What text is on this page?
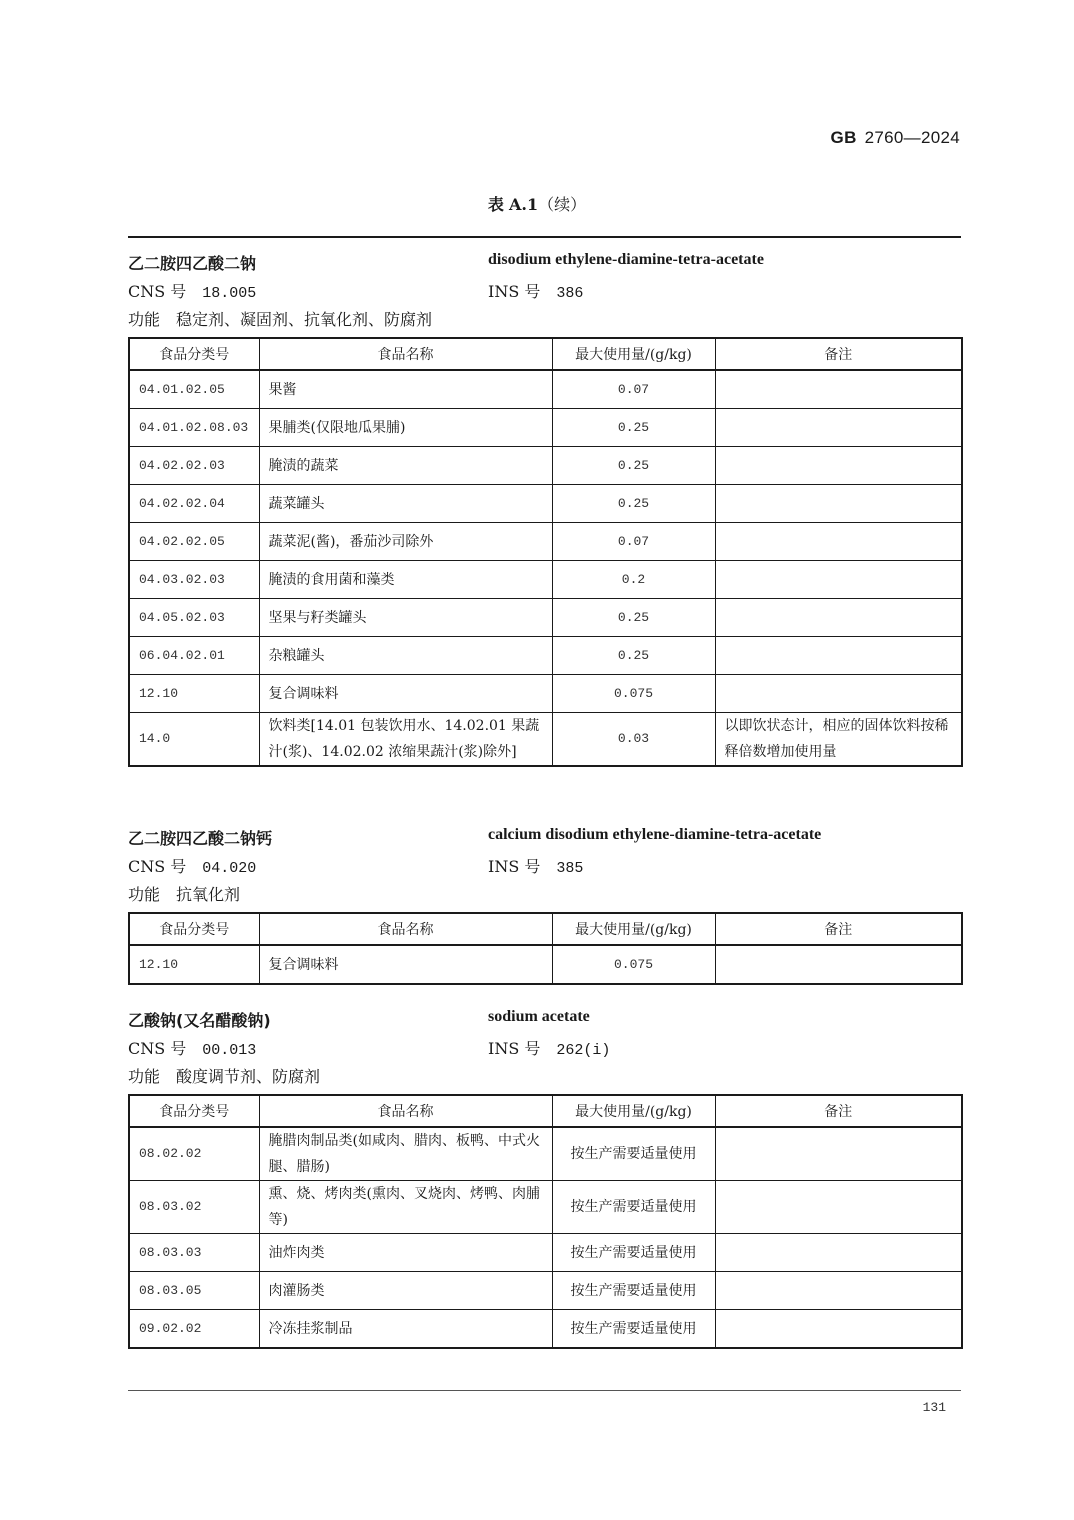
GB 2760—2024
表 A.1（续）
乙二胺四乙酸二钠	disodium ethylene-diamine-tetra-acetate
CNS 号 18.005	INS 号 386
功能 稳定剂、凝固剂、抗氧化剂、防腐剂
食品分类号	食品名称	最大使用量/(g/kg)	备注
04.01.02.05	果酱	0.07	
04.01.02.08.03	果脯类(仅限地瓜果脯)	0.25	
04.02.02.03	腌渍的蔬菜	0.25	
04.02.02.04	蔬菜罐头	0.25	
04.02.02.05	蔬菜泥(酱)，番茄沙司除外	0.07	
04.03.02.03	腌渍的食用菌和藻类	0.2	
04.05.02.03	坚果与籽类罐头	0.25	
06.04.02.01	杂粮罐头	0.25	
12.10	复合调味料	0.075	
14.0	饮料类[14.01 包装饮用水、14.02.01 果蔬汁(浆)、14.02.02 浓缩果蔬汁(浆)除外]	0.03	以即饮状态计，相应的固体饮料按稀释倍数增加使用量
乙二胺四乙酸二钠钙	calcium disodium ethylene-diamine-tetra-acetate
CNS 号 04.020	INS 号 385
功能 抗氧化剂
食品分类号	食品名称	最大使用量/(g/kg)	备注
12.10	复合调味料	0.075	
乙酸钠(又名醋酸钠)	sodium acetate
CNS 号 00.013	INS 号 262(i)
功能 酸度调节剂、防腐剂
食品分类号	食品名称	最大使用量/(g/kg)	备注
08.02.02	腌腊肉制品类(如咸肉、腊肉、板鸭、中式火腿、腊肠)	按生产需要适量使用	
08.03.02	熏、烧、烤肉类(熏肉、叉烧肉、烤鸭、肉脯等)	按生产需要适量使用	
08.03.03	油炸肉类	按生产需要适量使用	
08.03.05	肉灌肠类	按生产需要适量使用	
09.02.02	冷冻挂浆制品	按生产需要适量使用	
131
